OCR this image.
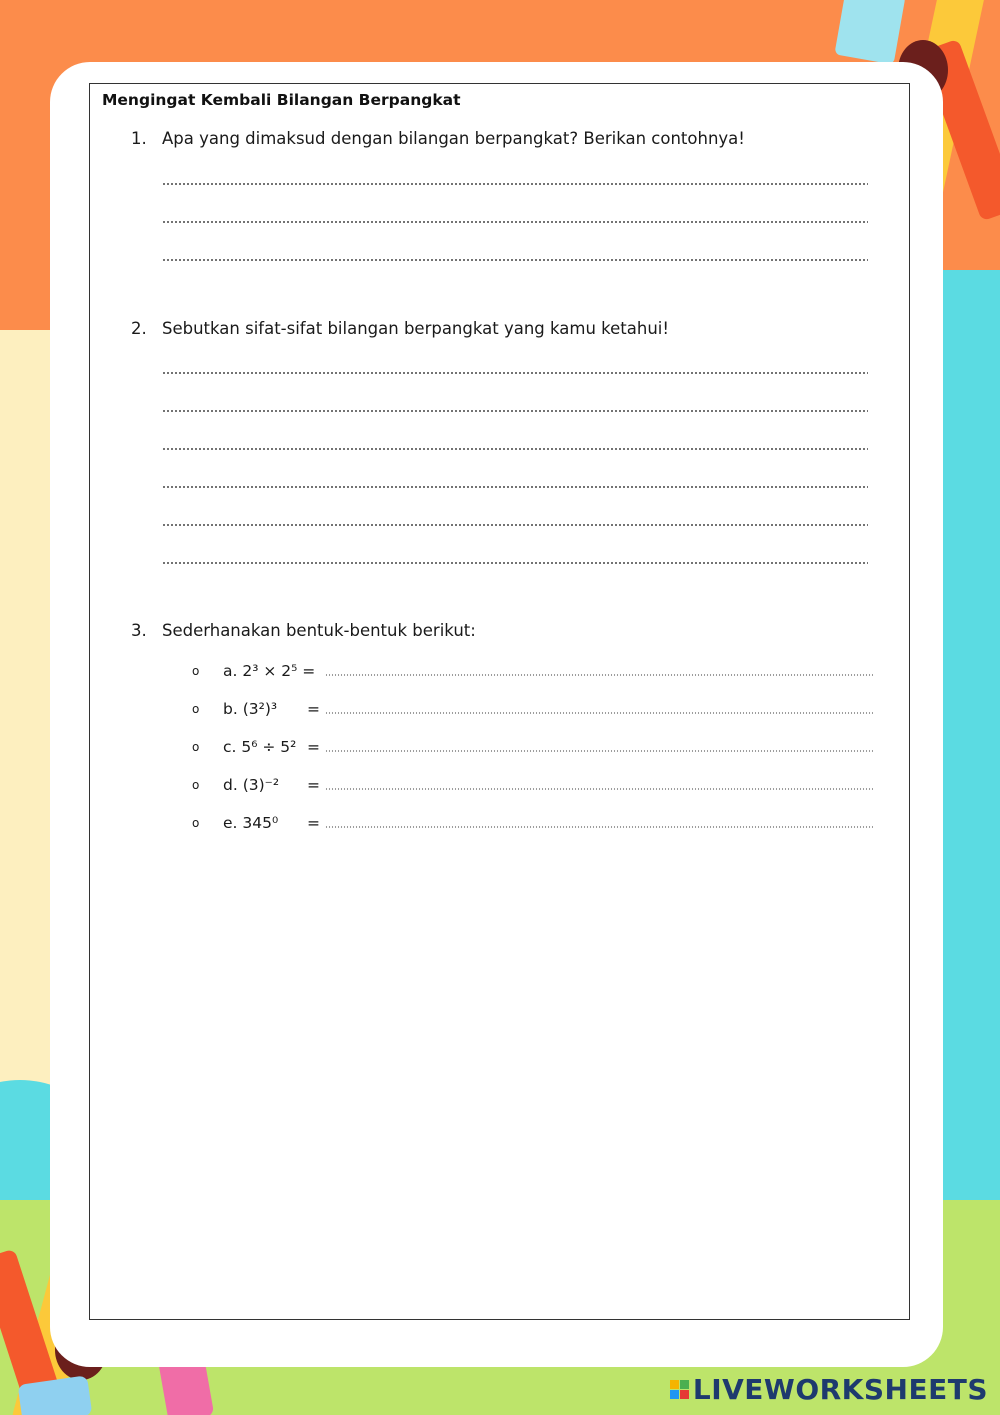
Mengingat Kembali Bilangan Berpangkat
1. Apa yang dimaksud dengan bilangan berpangkat? Berikan contohnya!
2. Sebutkan sifat-sifat bilangan berpangkat yang kamu ketahui!
3. Sederhanakan bentuk-bentuk berikut:
o a. 2³ × 2⁵ =
o b. (3²)³ =
o c. 5⁶ ÷ 5² =
o d. (3)⁻² =
o e. 345⁰ =
LIVEWORKSHEETS
